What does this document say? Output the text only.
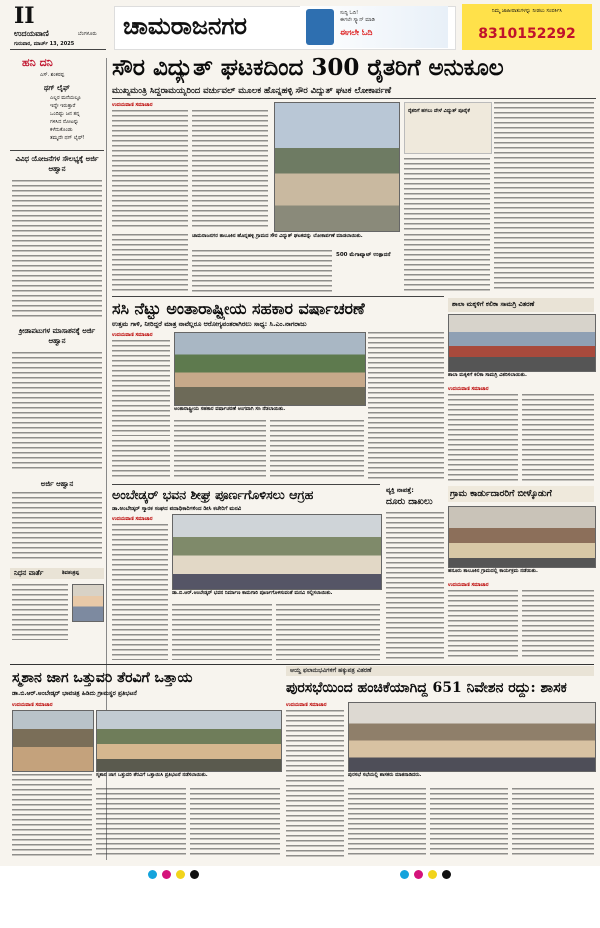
II
ಉದಯವಾಣಿ	ಬೆಂಗಳೂರು
ಗುರುವಾರ, ಮಾರ್ಚ್ 13, 2025
ಚಾಮರಾಜನಗರ	ಸುದ್ದಿ ಓದಿ!
ಈಗಲೇ ಸ್ಕ್ಯಾನ್ ಮಾಡಿ
ಈಗಲೇ ಓದಿ
ನಿಮ್ಮ ಜಾಹೀರಾತುಗಳನ್ನು ನೀಡಲು ಸಂಪರ್ಕಿಸಿ
8310152292
ಹನಿ ದನಿ
ಎಸ್. ಶಂಕರಪ್ಪ
ಥಗ್ ಲೈಫ್
ಎಲ್ಲರ ಮನೆಯಲ್ಲೂ
ಇದ್ದೇ ಇರುತ್ತಾರೆ
ಒಂದಿಷ್ಟು ಜನ ತನ್ನ
ಗಳಿಸಿದ ನೋಟನ್ನು
ಕಳೆದುಕೊಂಡು
ತಮ್ಮದೇ ಥಗ್ ಲೈಫ್!
ವಿವಿಧ ಯೋಜನೆಗಳ ಸೌಲಭ್ಯಕ್ಕೆ ಅರ್ಜಿ ಆಹ್ವಾನ
ಕ್ರೀಡಾಪಟುಗಳ ಮಾಸಾಶನಕ್ಕೆ ಅರ್ಜಿ ಆಹ್ವಾನ
ಅರ್ಜಿ ಆಹ್ವಾನ
ನಿಧನ ವಾರ್ತೆ	ಶಿವಶಂಕ್ರಪ್ಪ
ಸೌರ ವಿದ್ಯುತ್ ಘಟಕದಿಂದ 300 ರೈತರಿಗೆ ಅನುಕೂಲ
ಮುಖ್ಯಮಂತ್ರಿ ಸಿದ್ದರಾಮಯ್ಯರಿಂದ ವರ್ಚುವಲ್ ಮೂಲಕ ಹೊನ್ನಹಳ್ಳಿ ಸೌರ ವಿದ್ಯುತ್ ಘಟಕ ಲೋಕಾರ್ಪಣೆ
ಉದಯವಾಣಿ ಸಮಾಚಾರ
ರೈತರಿಗೆ ಹಗಲು ವೇಳೆ ವಿದ್ಯುತ್ ಪೂರೈಕೆ
ಚಾಮರಾಜನಗರ ತಾಲೂಕಿನ ಹೊನ್ನಹಳ್ಳಿ ಗ್ರಾಮದ ಸೌರ ವಿದ್ಯುತ್ ಘಟಕವನ್ನು ಲೋಕಾರ್ಪಣೆ ಮಾಡಲಾಯಿತು.
500 ಮೆಗಾವ್ಯಾಟ್ ಉತ್ಪಾದನೆ
ಸಸಿ ನೆಟ್ಟು ಅಂತಾರಾಷ್ಟ್ರೀಯ ಸಹಕಾರ ವರ್ಷಾಚರಣೆ
ಉತ್ತಮ ಗಾಳಿ, ನೀರಿದ್ದರೆ ಮಾತ್ರ ನಾವೆಲ್ಲರೂ ಆರೋಗ್ಯವಂತರಾಗಿರಲು ಸಾಧ್ಯ: ಸಿ.ಎಂ.ನಾಗರಾಜು
ಉದಯವಾಣಿ ಸಮಾಚಾರ
ಅಂತಾರಾಷ್ಟ್ರೀಯ ಸಹಕಾರ ವರ್ಷಾಚರಣೆ ಅಂಗವಾಗಿ ಸಸಿ ನೆಡಲಾಯಿತು.
ಶಾಲಾ ಮಕ್ಕಳಿಗೆ ಕಲಿಕಾ ಸಾಮಗ್ರಿ ವಿತರಣೆ
ಶಾಲಾ ಮಕ್ಕಳಿಗೆ ಕಲಿಕಾ ಸಾಮಗ್ರಿ ವಿತರಿಸಲಾಯಿತು.
ಉದಯವಾಣಿ ಸಮಾಚಾರ
ಅಂಬೇಡ್ಕರ್ ಭವನ ಶೀಘ್ರ ಪೂರ್ಣಗೊಳಿಸಲು ಆಗ್ರಹ
ಡಾ.ಅಂಬೇಡ್ಕರ್ ಸ್ಮಾರಕ ಸಂಘದ ಪದಾಧಿಕಾರಿಗಳಿಂದ ಡೀಸಿ ಕಚೇರಿಗೆ ಮನವಿ
ಉದಯವಾಣಿ ಸಮಾಚಾರ
ಡಾ.ಬಿ.ಆರ್.ಅಂಬೇಡ್ಕರ್ ಭವನ ನಿರ್ಮಾಣ ಕಾಮಗಾರಿ ಪೂರ್ಣಗೊಳಿಸುವಂತೆ ಮನವಿ ಸಲ್ಲಿಸಲಾಯಿತು.
ವ್ಯಕ್ತಿ ನಾಪತ್ತೆ:
ದೂರು ದಾಖಲು
ಗ್ರಾಮ ಕಾರ್ಡುದಾರರಿಗೆ ಬೀಳ್ಕೊಡುಗೆ
ಹನೂರು ತಾಲೂಕಿನ ಗ್ರಾಮದಲ್ಲಿ ಕಾರ್ಯಕ್ರಮ ನಡೆಯಿತು.
ಉದಯವಾಣಿ ಸಮಾಚಾರ
ಸ್ಮಶಾನ ಜಾಗ ಒತ್ತುವರಿ ತೆರವಿಗೆ ಒತ್ತಾಯ
ಡಾ.ಬಿ.ಆರ್.ಅಂಬೇಡ್ಕರ್ ಭಾವಚಿತ್ರ ಹಿಡಿದು ಗ್ರಾಮಸ್ಥರ ಪ್ರತಿಭಟನೆ
ಉದಯವಾಣಿ ಸಮಾಚಾರ
ಸ್ಮಶಾನ ಜಾಗ ಒತ್ತುವರಿ ತೆರವಿಗೆ ಒತ್ತಾಯಿಸಿ ಪ್ರತಿಭಟನೆ ನಡೆಸಲಾಯಿತು.
ಆಯ್ದ ಫಲಾನುಭವಿಗಳಿಗೆ ಹಕ್ಕುಪತ್ರ ವಿತರಣೆ
ಪುರಸಭೆಯಿಂದ ಹಂಚಿಕೆಯಾಗಿದ್ದ 651 ನಿವೇಶನ ರದ್ದು: ಶಾಸಕ
ಉದಯವಾಣಿ ಸಮಾಚಾರ
ಪುರಸಭೆ ಸಭೆಯಲ್ಲಿ ಶಾಸಕರು ಮಾತನಾಡಿದರು.
